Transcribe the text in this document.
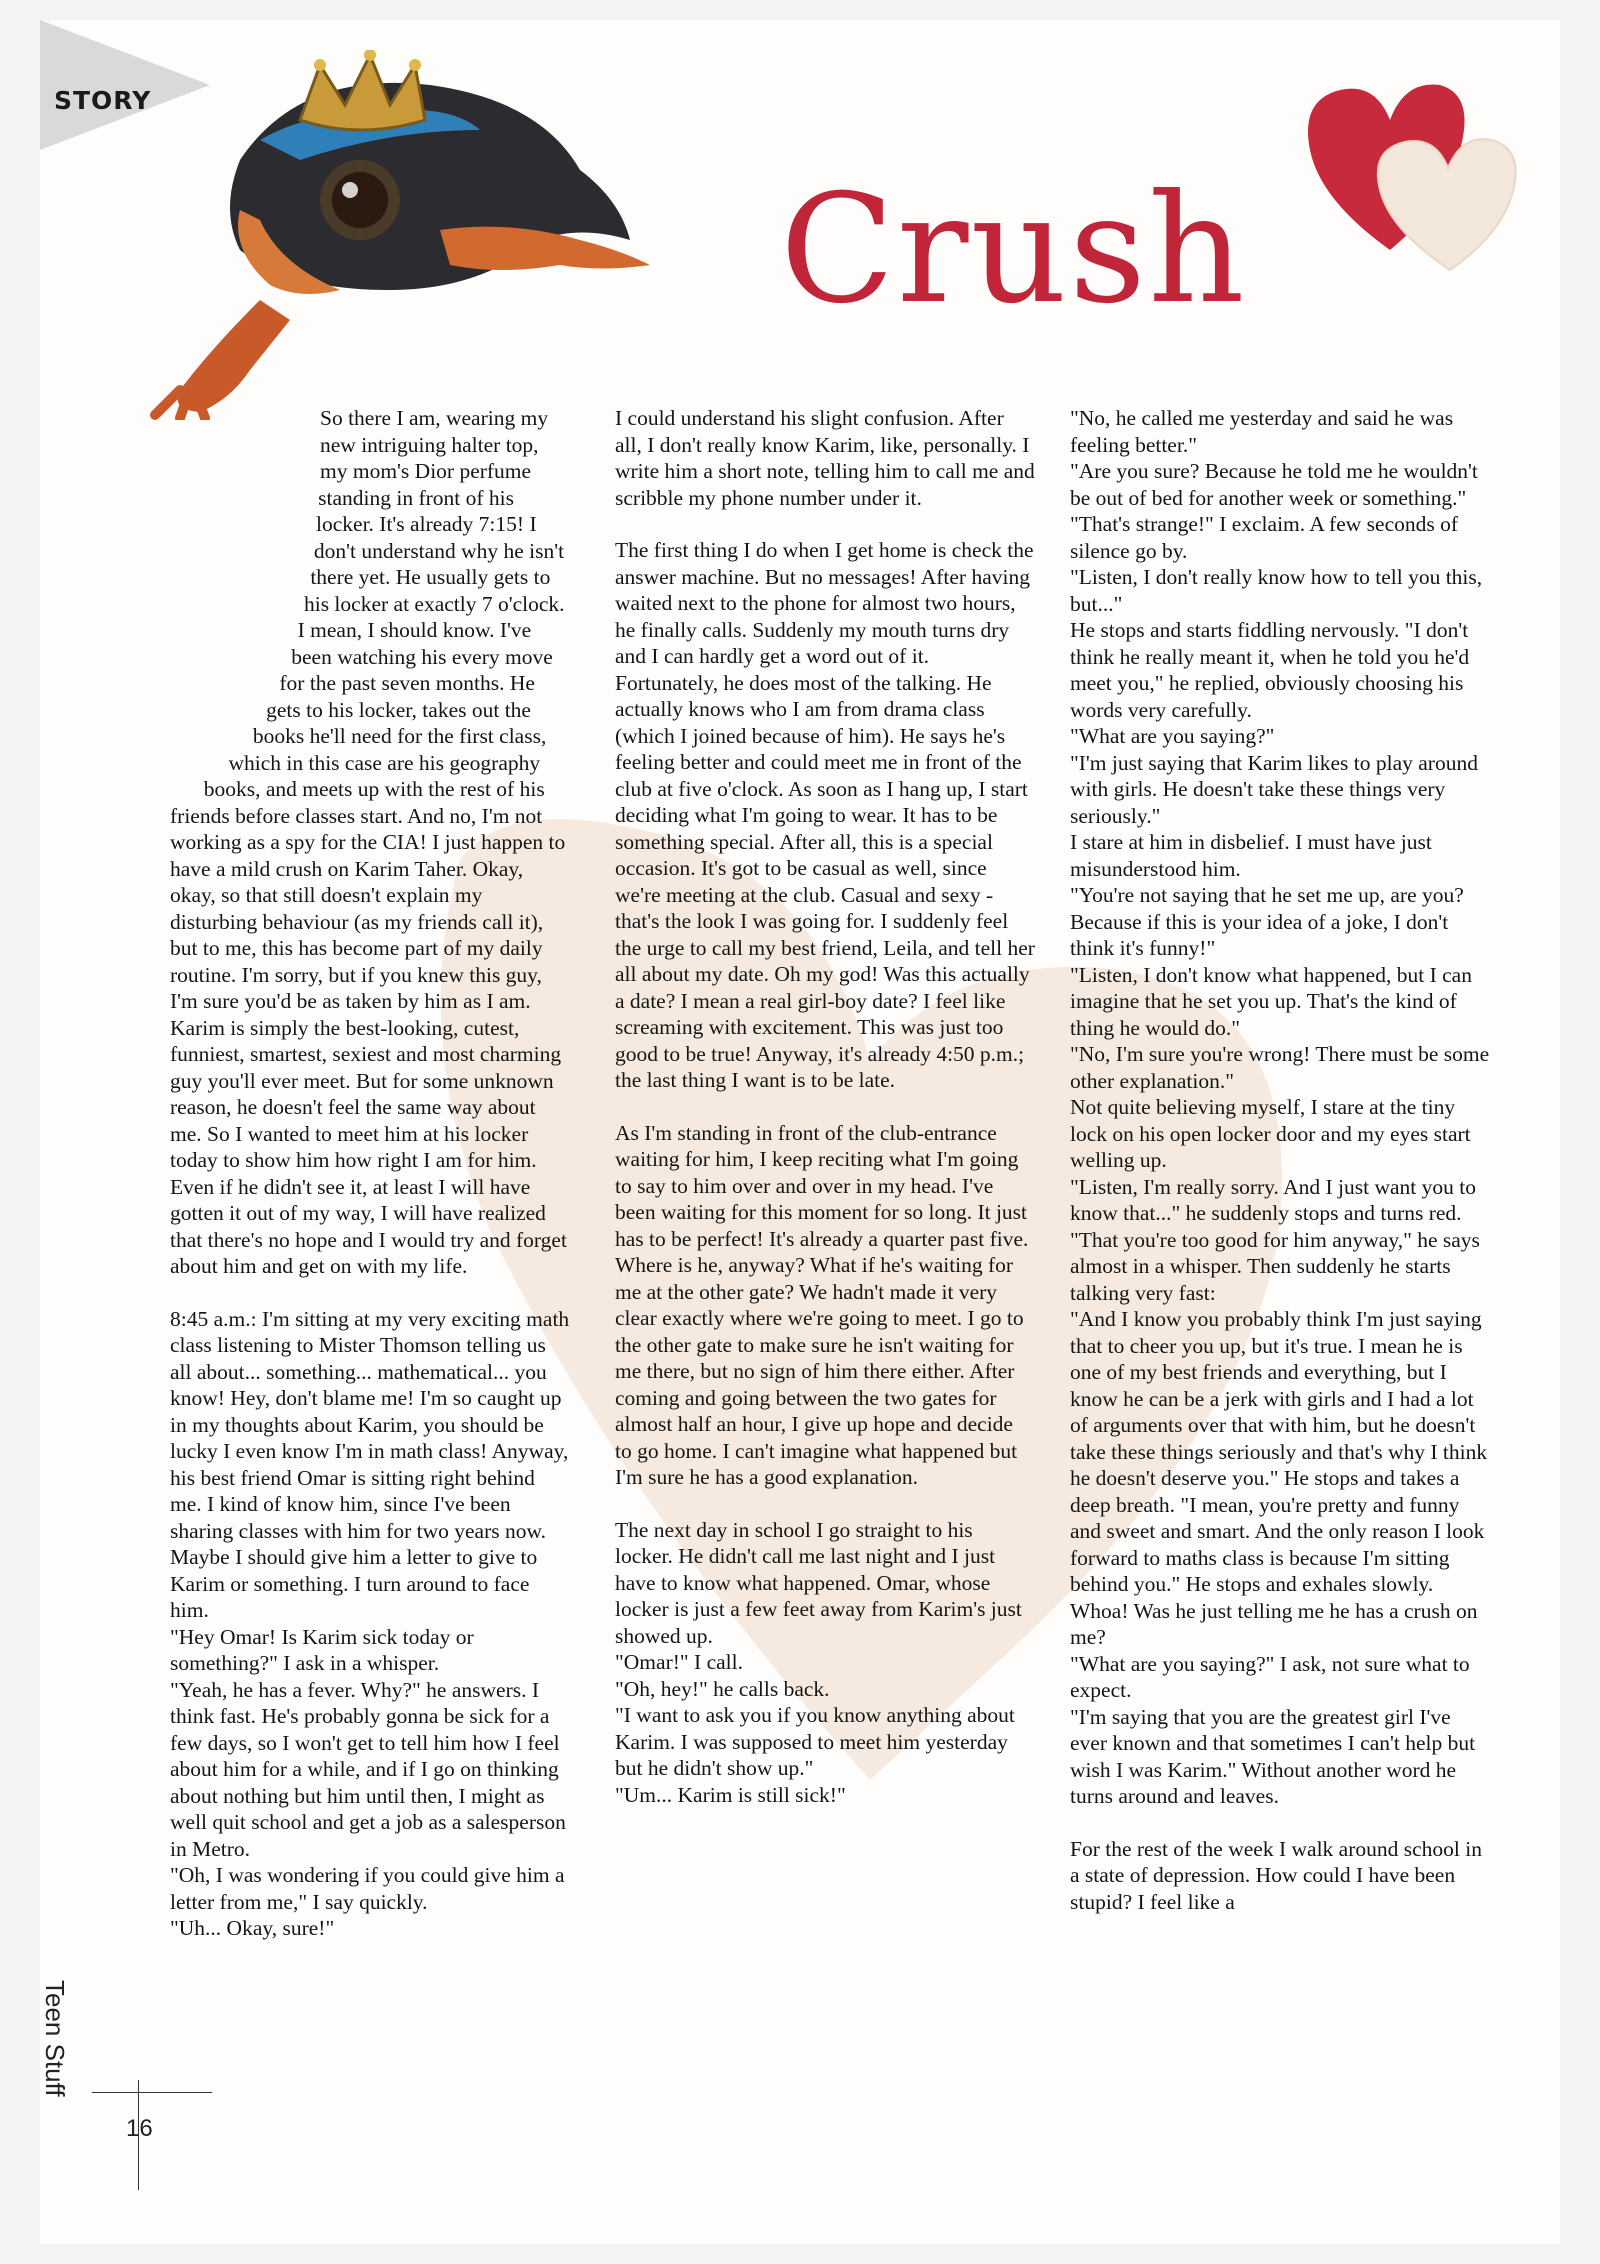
STORY
Crush

So there I am, wearing my new intriguing halter top, my mom's Dior perfume standing in front of his locker. It's already 7:15! I don't understand why he isn't there yet. He usually gets to his locker at exactly 7 o'clock. I mean, I should know. I've been watching his every move for the past seven months. He gets to his locker, takes out the books he'll need for the first class, which in this case are his geography books, and meets up with the rest of his friends before classes start. And no, I'm not working as a spy for the CIA! I just happen to have a mild crush on Karim Taher. Okay, okay, so that still doesn't explain my disturbing behaviour (as my friends call it), but to me, this has become part of my daily routine. I'm sorry, but if you knew this guy, I'm sure you'd be as taken by him as I am. Karim is simply the best-looking, cutest, funniest, smartest, sexiest and most charming guy you'll ever meet. But for some unknown reason, he doesn't feel the same way about me. So I wanted to meet him at his locker today to show him how right I am for him. Even if he didn't see it, at least I will have gotten it out of my way, I will have realized that there's no hope and I would try and forget about him and get on with my life.

8:45 a.m.: I'm sitting at my very exciting math class listening to Mister Thomson telling us all about... something... mathematical... you know! Hey, don't blame me! I'm so caught up in my thoughts about Karim, you should be lucky I even know I'm in math class! Anyway, his best friend Omar is sitting right behind me. I kind of know him, since I've been sharing classes with him for two years now. Maybe I should give him a letter to give to Karim or something. I turn around to face him.

"Hey Omar! Is Karim sick today or something?" I ask in a whisper.
"Yeah, he has a fever. Why?" he answers. I think fast. He's probably gonna be sick for a few days, so I won't get to tell him how I feel about him for a while, and if I go on thinking about nothing but him until then, I might as well quit school and get a job as a salesperson in Metro.
"Oh, I was wondering if you could give him a letter from me," I say quickly.
"Uh... Okay, sure!"

I could understand his slight confusion. After all, I don't really know Karim, like, personally. I write him a short note, telling him to call me and scribble my phone number under it.

The first thing I do when I get home is check the answer machine. But no messages! After having waited next to the phone for almost two hours, he finally calls. Suddenly my mouth turns dry and I can hardly get a word out of it. Fortunately, he does most of the talking. He actually knows who I am from drama class (which I joined because of him). He says he's feeling better and could meet me in front of the club at five o'clock. As soon as I hang up, I start deciding what I'm going to wear. It has to be something special. After all, this is a special occasion. It's got to be casual as well, since we're meeting at the club. Casual and sexy - that's the look I was going for. I suddenly feel the urge to call my best friend, Leila, and tell her all about my date. Oh my god! Was this actually a date? I mean a real girl-boy date? I feel like screaming with excitement. This was just too good to be true! Anyway, it's already 4:50 p.m.; the last thing I want is to be late.

As I'm standing in front of the club-entrance waiting for him, I keep reciting what I'm going to say to him over and over in my head. I've been waiting for this moment for so long. It just has to be perfect! It's already a quarter past five. Where is he, anyway? What if he's waiting for me at the other gate? We hadn't made it very clear exactly where we're going to meet. I go to the other gate to make sure he isn't waiting for me there, but no sign of him there either. After coming and going between the two gates for almost half an hour, I give up hope and decide to go home. I can't imagine what happened but I'm sure he has a good explanation.

The next day in school I go straight to his locker. He didn't call me last night and I just have to know what happened. Omar, whose locker is just a few feet away from Karim's just showed up.
"Omar!" I call.
"Oh, hey!" he calls back.
"I want to ask you if you know anything about Karim. I was supposed to meet him yesterday but he didn't show up."
"Um... Karim is still sick!"
"No, he called me yesterday and said he was feeling better."
"Are you sure? Because he told me he wouldn't be out of bed for another week or something."
"That's strange!" I exclaim. A few seconds of silence go by.
"Listen, I don't really know how to tell you this, but..."
He stops and starts fiddling nervously. "I don't think he really meant it, when he told you he'd meet you," he replied, obviously choosing his words very carefully.
"What are you saying?"
"I'm just saying that Karim likes to play around with girls. He doesn't take these things very seriously."
I stare at him in disbelief. I must have just misunderstood him.
"You're not saying that he set me up, are you? Because if this is your idea of a joke, I don't think it's funny!"
"Listen, I don't know what happened, but I can imagine that he set you up. That's the kind of thing he would do."
"No, I'm sure you're wrong! There must be some other explanation."
Not quite believing myself, I stare at the tiny lock on his open locker door and my eyes start welling up.
"Listen, I'm really sorry. And I just want you to know that..." he suddenly stops and turns red.
"That you're too good for him anyway," he says almost in a whisper. Then suddenly he starts talking very fast:
"And I know you probably think I'm just saying that to cheer you up, but it's true. I mean he is one of my best friends and everything, but I know he can be a jerk with girls and I had a lot of arguments over that with him, but he doesn't take these things seriously and that's why I think he doesn't deserve you." He stops and takes a deep breath. "I mean, you're pretty and funny and sweet and smart. And the only reason I look forward to maths class is because I'm sitting behind you." He stops and exhales slowly.
Whoa! Was he just telling me he has a crush on me?
"What are you saying?" I ask, not sure what to expect.
"I'm saying that you are the greatest girl I've ever known and that sometimes I can't help but wish I was Karim." Without another word he turns around and leaves.
For the rest of the week I walk around school in a state of depression. How could I have been stupid? I feel like a
Teen Stuff
16
